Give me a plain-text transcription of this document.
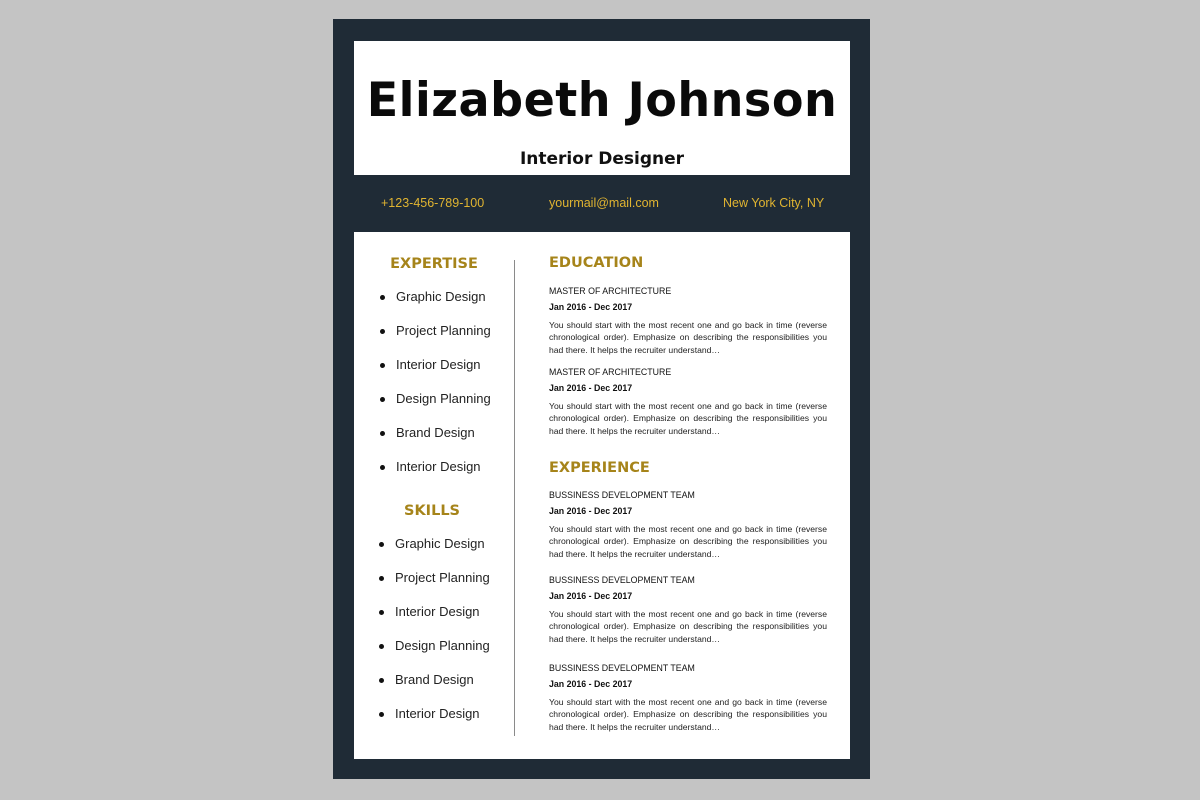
Elizabeth Johnson
Interior Designer
+123-456-789-100	yourmail@mail.com	New York City, NY
EXPERTISE
Graphic Design
Project Planning
Interior Design
Design Planning
Brand Design
Interior Design
SKILLS
Graphic Design
Project Planning
Interior Design
Design Planning
Brand Design
Interior Design
EDUCATION
MASTER OF ARCHITECTURE
Jan 2016 - Dec 2017

You should start with the most recent one and go back in time (reverse chronological order). Emphasize on describing the responsibilities you had there. It helps the recruiter understand…

MASTER OF ARCHITECTURE
Jan 2016 - Dec 2017

You should start with the most recent one and go back in time (reverse chronological order). Emphasize on describing the responsibilities you had there. It helps the recruiter understand…

EXPERIENCE
BUSSINESS DEVELOPMENT TEAM
Jan 2016 - Dec 2017

You should start with the most recent one and go back in time (reverse chronological order). Emphasize on describing the responsibilities you had there. It helps the recruiter understand…

BUSSINESS DEVELOPMENT TEAM
Jan 2016 - Dec 2017

You should start with the most recent one and go back in time (reverse chronological order). Emphasize on describing the responsibilities you had there. It helps the recruiter understand…

BUSSINESS DEVELOPMENT TEAM
Jan 2016 - Dec 2017

You should start with the most recent one and go back in time (reverse chronological order). Emphasize on describing the responsibilities you had there. It helps the recruiter understand…
